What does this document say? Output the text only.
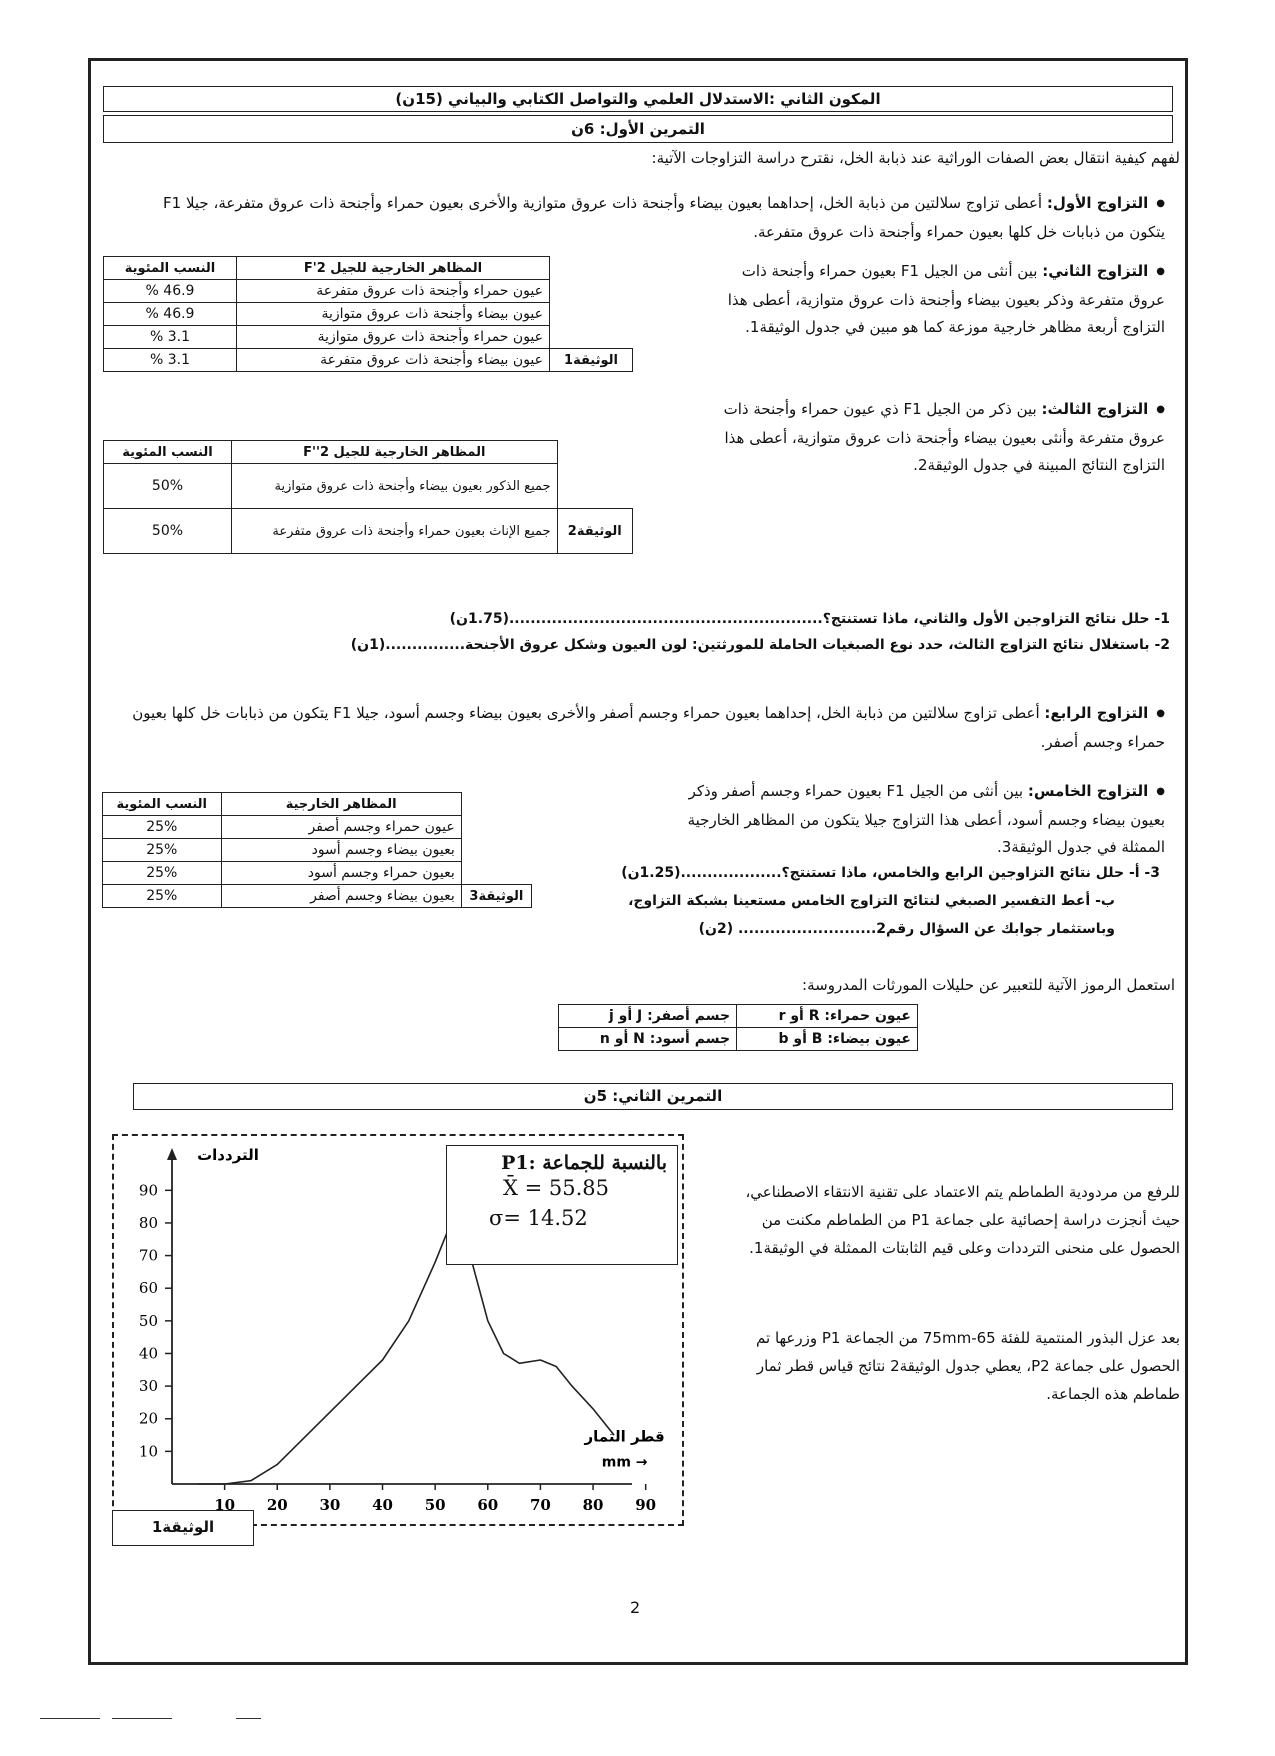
المكون الثاني :الاستدلال العلمي والتواصل الكتابي والبياني (15ن)
التمرين الأول: 6ن

لفهم كيفية انتقال بعض الصفات الوراثية عند ذبابة الخل، نقترح دراسة التزاوجات الآتية:

● التزاوج الأول: أعطى تزاوج سلالتين من ذبابة الخل، إحداهما بعيون بيضاء وأجنحة ذات عروق متوازية والأخرى بعيون حمراء وأجنحة ذات عروق متفرعة، جيلا F1 يتكون من ذبابات خل كلها بعيون حمراء وأجنحة ذات عروق متفرعة.

● التزاوج الثاني: بين أنثى من الجيل F1 بعيون حمراء وأجنحة ذات عروق متفرعة وذكر بعيون بيضاء وأجنحة ذات عروق متوازية، أعطى هذا التزاوج أربعة مظاهر خارجية موزعة كما هو مبين في جدول الوثيقة1.

	المظاهر الخارجية للجيل F'2	النسب المئوية
	عيون حمراء وأجنحة ذات عروق متفرعة	46.9 %
	عيون بيضاء وأجنحة ذات عروق متوازية	46.9 %
	عيون حمراء وأجنحة ذات عروق متوازية	3.1 %
الوثيقة1	عيون بيضاء وأجنحة ذات عروق متفرعة	3.1 %

● التزاوج الثالث: بين ذكر من الجيل F1 ذي عيون حمراء وأجنحة ذات عروق متفرعة وأنثى بعيون بيضاء وأجنحة ذات عروق متوازية، أعطى هذا التزاوج النتائج المبينة في جدول الوثيقة2.

	المظاهر الخارجية للجيل F''2	النسب المئوية
	جميع الذكور بعيون بيضاء وأجنحة ذات عروق متوازية	50%
الوثيقة2	جميع الإناث بعيون حمراء وأجنحة ذات عروق متفرعة	50%

1- حلل نتائج التزاوجين الأول والثاني، ماذا تستنتج؟...........................................................(1.75ن)

2- باستغلال نتائج التزاوج الثالث، حدد نوع الصبغيات الحاملة للمورثتين: لون العيون وشكل عروق الأجنحة...............(1ن)

● التزاوج الرابع: أعطى تزاوج سلالتين من ذبابة الخل، إحداهما بعيون حمراء وجسم أصفر والأخرى بعيون بيضاء وجسم أسود، جيلا F1 يتكون من ذبابات خل كلها بعيون حمراء وجسم أصفر.

● التزاوج الخامس: بين أنثى من الجيل F1 بعيون حمراء وجسم أصفر وذكر بعيون بيضاء وجسم أسود، أعطى هذا التزاوج جيلا يتكون من المظاهر الخارجية الممثلة في جدول الوثيقة3.

3- أ- حلل نتائج التزاوجين الرابع والخامس، ماذا تستنتج؟...................(1.25ن)

ب- أعط التفسير الصبغي لنتائج التزاوج الخامس مستعينا بشبكة التزاوج،

وباستثمار جوابك عن السؤال رقم2.......................... (2ن)

	المظاهر الخارجية	النسب المئوية
	عيون حمراء وجسم أصفر	25%
	بعيون بيضاء وجسم أسود	25%
	بعيون حمراء وجسم أسود	25%
الوثيقة3	بعيون بيضاء وجسم أصفر	25%

استعمل الرموز الآتية للتعبير عن حليلات المورثات المدروسة:

عيون حمراء: R أو r	جسم أصفر: J أو j
عيون بيضاء: B أو b	جسم أسود: N أو n
التمرين الثاني: 5ن

للرفع من مردودية الطماطم يتم الاعتماد على تقنية الانتقاء الاصطناعي، حيث أنجزت دراسة إحصائية على جماعة P1 من الطماطم مكنت من الحصول على منحنى الترددات وعلى قيم الثابتات الممثلة في الوثيقة1.

بعد عزل البذور المنتمية للفئة 65-75mm من الجماعة P1 وزرعها تم الحصول على جماعة P2، يعطي جدول الوثيقة2 نتائج قياس قطر ثمار طماطم هذه الجماعة.

الوثيقة1
10
20
30
40
50
60
70
80
90
10 20 30 40 50 60 70 80 90
الترددات
قطر الثمار
mm →
بالنسبة للجماعة :P1
X̄ = 55.85
σ= 14.52
2
